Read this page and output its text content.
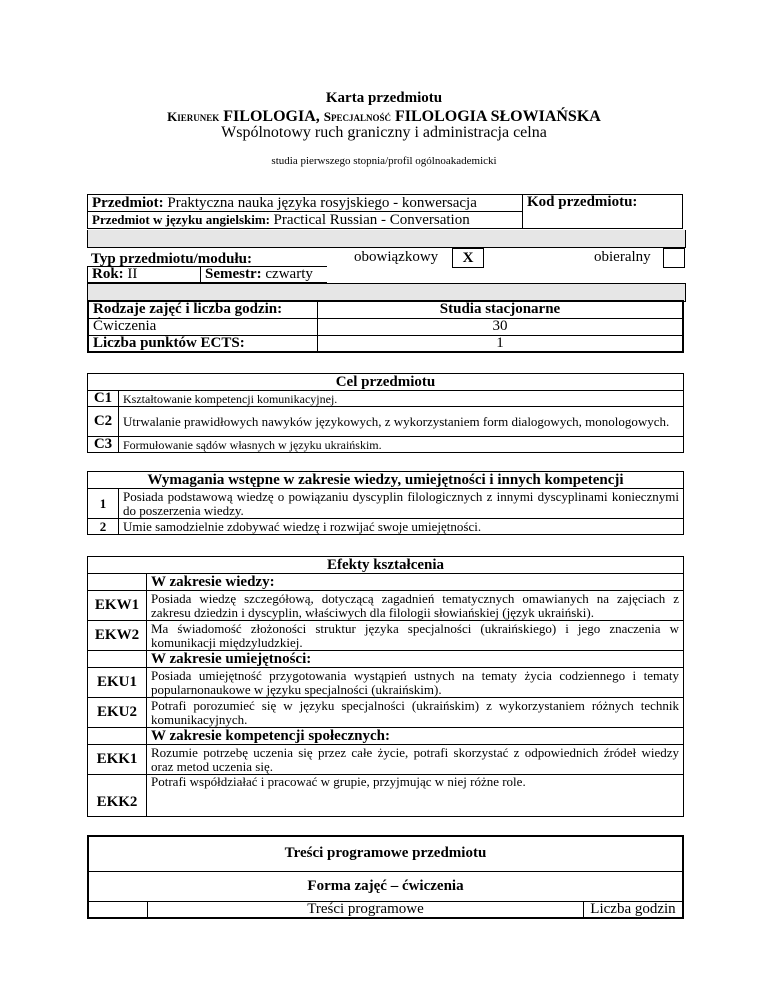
Karta przedmiotu
Kierunek FILOLOGIA, Specjalność FILOLOGIA SŁOWIAŃSKA
Wspólnotowy ruch graniczny i administracja celna
studia pierwszego stopnia/profil ogólnoakademicki
Przedmiot: Praktyczna nauka języka rosyjskiego - konwersacja	Kod przedmiotu:
Przedmiot w języku angielskim: Practical Russian - Conversation
Typ przedmiotu/modułu:	obowiązkowy	X	obieralny
Rok: II	Semestr: czwarty
Rodzaje zajęć i liczba godzin:	Studia stacjonarne
Ćwiczenia	30
Liczba punktów ECTS:	1
Cel przedmiotu	
C1	Kształtowanie kompetencji komunikacyjnej.
C2	Utrwalanie prawidłowych nawyków językowych, z wykorzystaniem form dialogowych, monologowych.
C3	Formułowanie sądów własnych w języku ukraińskim.
Wymagania wstępne w zakresie wiedzy, umiejętności i innych kompetencji	
1	Posiada podstawową wiedzę o powiązaniu dyscyplin filologicznych z innymi dyscyplinami koniecznymi do poszerzenia wiedzy.
2	Umie samodzielnie zdobywać wiedzę i rozwijać swoje umiejętności.
Efekty kształcenia	
	W zakresie wiedzy:
EKW1	Posiada wiedzę szczegółową, dotyczącą zagadnień tematycznych omawianych na zajęciach z zakresu dziedzin i dyscyplin, właściwych dla filologii słowiańskiej (język ukraiński).
EKW2	Ma świadomość złożoności struktur języka specjalności (ukraińskiego) i jego znaczenia w komunikacji międzyludzkiej.
	W zakresie umiejętności:
EKU1	Posiada umiejętność przygotowania wystąpień ustnych na tematy życia codziennego i tematy popularnonaukowe w języku specjalności (ukraińskim).
EKU2	Potrafi porozumieć się w języku specjalności (ukraińskim) z wykorzystaniem różnych technik komunikacyjnych.
	W zakresie kompetencji społecznych:
EKK1	Rozumie potrzebę uczenia się przez całe życie, potrafi skorzystać z odpowiednich źródeł wiedzy oraz metod uczenia się.
EKK2	Potrafi współdziałać i pracować w grupie, przyjmując w niej różne role.
Treści programowe przedmiotu
Forma zajęć – ćwiczenia
	Treści programowe	Liczba godzin
